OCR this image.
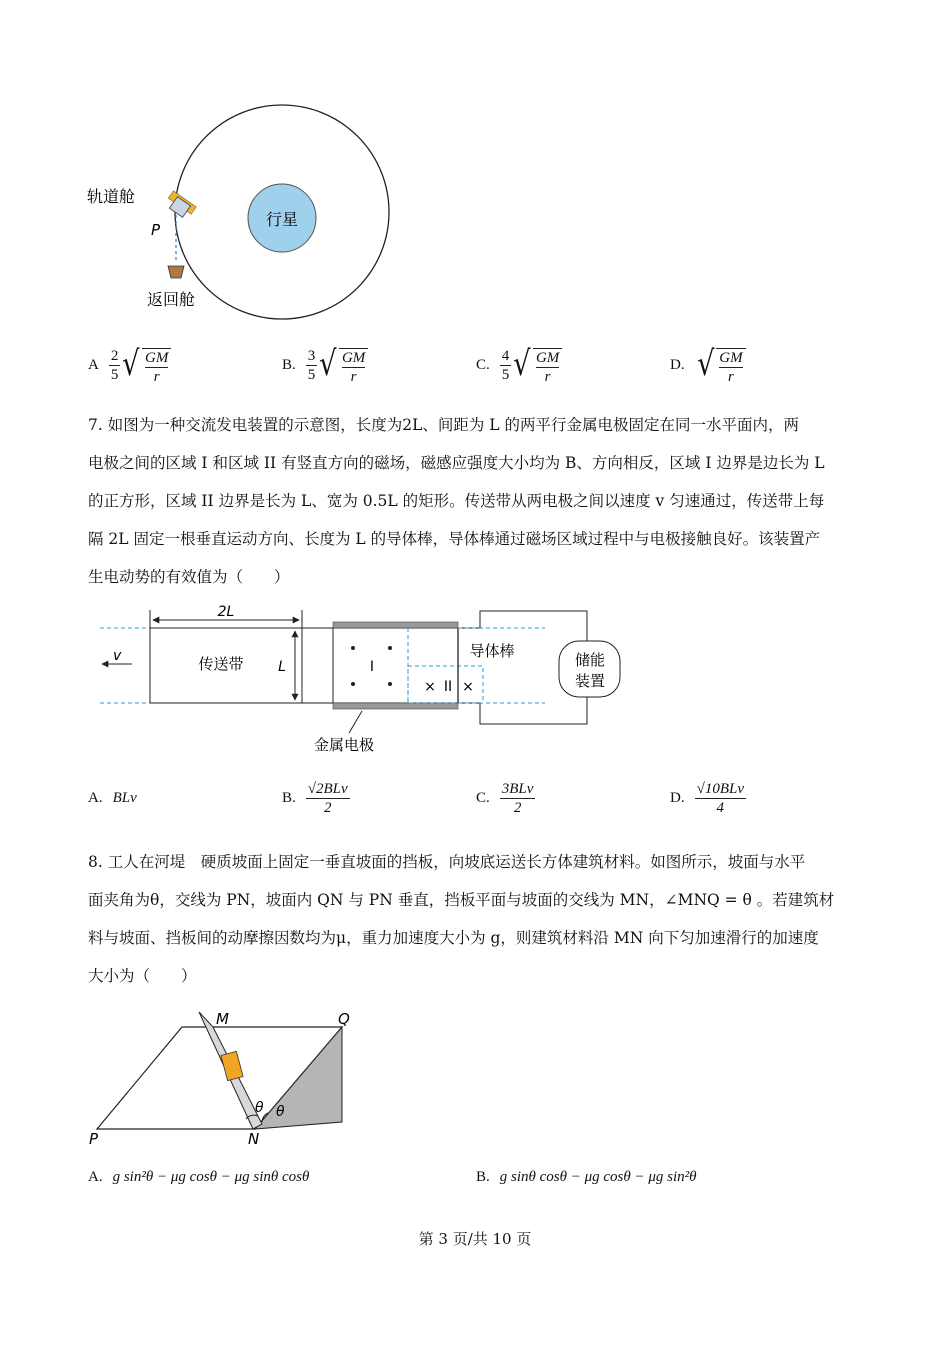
行星
轨道舱
P
返回舱
A $\frac{2}{5}$ √ GM
r
B. $\frac{3}{5}$ √ GM
r
C. $\frac{4}{5}$ √ GM
r
D. √ GM
r
7. 如图为一种交流发电装置的示意图，长度为2L、间距为 L 的两平行金属电极固定在同一水平面内，两
电极之间的区域 I 和区域 II 有竖直方向的磁场，磁感应强度大小均为 B、方向相反，区域 I 边界是边长为 L
的正方形，区域 II 边界是长为 L、宽为 0.5L 的矩形。传送带从两电极之间以速度 v 匀速通过，传送带上每
隔 2L 固定一根垂直运动方向、长度为 L 的导体棒，导体棒通过磁场区域过程中与电极接触良好。该装置产
生电动势的有效值为（　　）
2L
v	传送带 L	I
× II ×
导体棒	储能
装置
金属电极
A. BLv	B. $\frac{\text{√2BLv}}{2}$	C. $\frac{\text{3BLv}}{2}$	D. $\frac{\text{√10BLv}}{4}$
8. 工人在河堤　硬质坡面上固定一垂直坡面的挡板，向坡底运送长方体建筑材料。如图所示，坡面与水平
面夹角为θ，交线为 PN，坡面内 QN 与 PN 垂直，挡板平面与坡面的交线为 MN，∠MNQ = θ 。若建筑材
料与坡面、挡板间的动摩擦因数均为μ，重力加速度大小为 g，则建筑材料沿 MN 向下匀加速滑行的加速度
大小为（　　）
M	Q
P	N
θ θ
A. g sin²θ − μg cosθ − μg sinθ cosθ	B. g sinθ cosθ − μg cosθ − μg sin²θ
第 3 页/共 10 页
